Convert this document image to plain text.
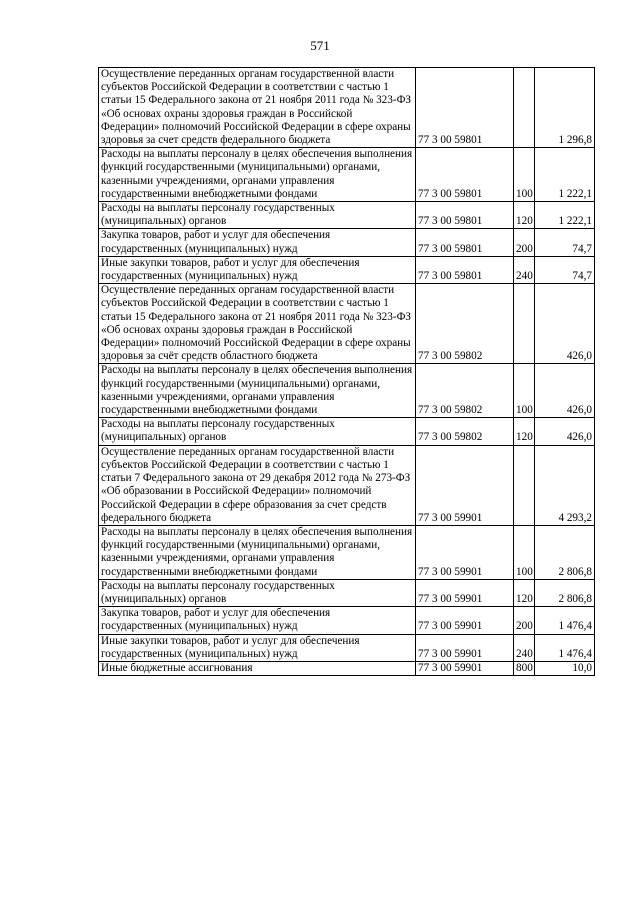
571
Осуществление переданных органам государственной власти субъектов Российской Федерации в соответствии с частью 1 статьи 15 Федерального закона от 21 ноября 2011 года № 323-ФЗ «Об основах охраны здоровья граждан в Российской Федерации» полномочий Российской Федерации в сфере охраны здоровья за счет средств федерального бюджета	77 3 00 59801		1 296,8
Расходы на выплаты персоналу в целях обеспечения выполнения функций государственными (муниципальными) органами, казенными учреждениями, органами управления государственными внебюджетными фондами	77 3 00 59801	100	1 222,1
Расходы на выплаты персоналу государственных (муниципальных) органов	77 3 00 59801	120	1 222,1
Закупка товаров, работ и услуг для обеспечения государственных (муниципальных) нужд	77 3 00 59801	200	74,7
Иные закупки товаров, работ и услуг для обеспечения государственных (муниципальных) нужд	77 3 00 59801	240	74,7
Осуществление переданных органам государственной власти субъектов Российской Федерации в соответствии с частью 1 статьи 15 Федерального закона от 21 ноября 2011 года № 323-ФЗ «Об основах охраны здоровья граждан в Российской Федерации» полномочий Российской Федерации в сфере охраны здоровья за счёт средств областного бюджета	77 3 00 59802		426,0
Расходы на выплаты персоналу в целях обеспечения выполнения функций государственными (муниципальными) органами, казенными учреждениями, органами управления государственными внебюджетными фондами	77 3 00 59802	100	426,0
Расходы на выплаты персоналу государственных (муниципальных) органов	77 3 00 59802	120	426,0
Осуществление переданных органам государственной власти субъектов Российской Федерации в соответствии с частью 1 статьи 7 Федерального закона от 29 декабря 2012 года № 273-ФЗ «Об образовании в Российской Федерации» полномочий Российской Федерации в сфере образования за счет средств федерального бюджета	77 3 00 59901		4 293,2
Расходы на выплаты персоналу в целях обеспечения выполнения функций государственными (муниципальными) органами, казенными учреждениями, органами управления государственными внебюджетными фондами	77 3 00 59901	100	2 806,8
Расходы на выплаты персоналу государственных (муниципальных) органов	77 3 00 59901	120	2 806,8
Закупка товаров, работ и услуг для обеспечения государственных (муниципальных) нужд	77 3 00 59901	200	1 476,4
Иные закупки товаров, работ и услуг для обеспечения государственных (муниципальных) нужд	77 3 00 59901	240	1 476,4
Иные бюджетные ассигнования	77 3 00 59901	800	10,0
